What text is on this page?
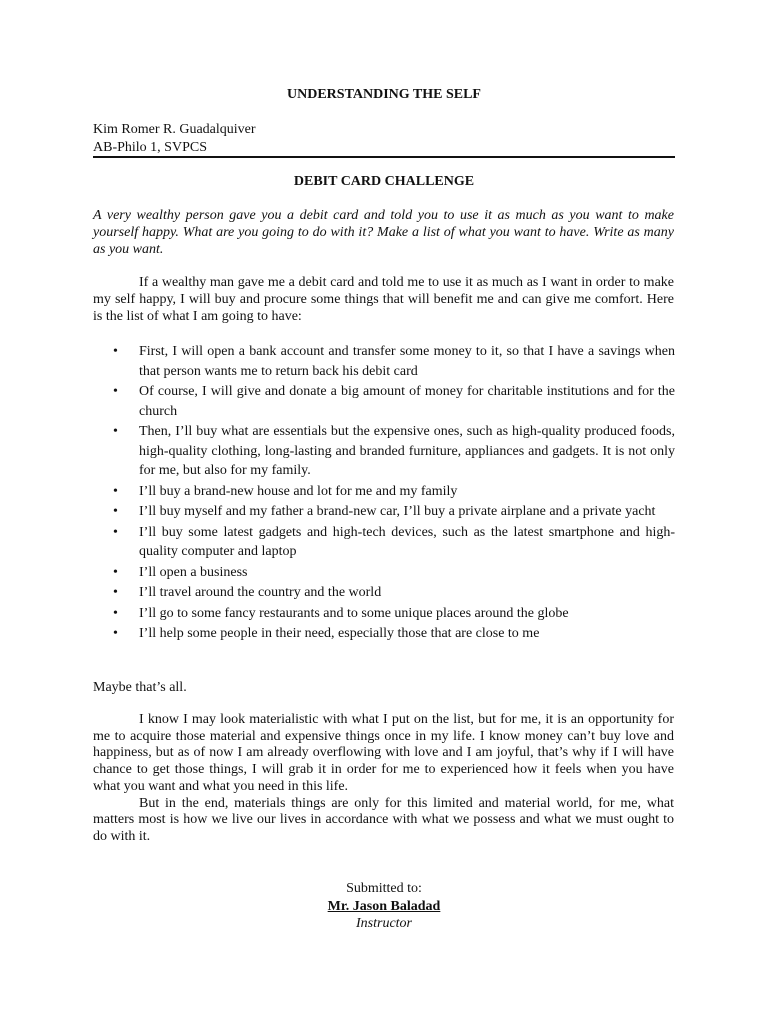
UNDERSTANDING THE SELF
Kim Romer R. Guadalquiver
AB-Philo 1, SVPCS
DEBIT CARD CHALLENGE
A very wealthy person gave you a debit card and told you to use it as much as you want to make yourself happy. What are you going to do with it? Make a list of what you want to have. Write as many as you want.

If a wealthy man gave me a debit card and told me to use it as much as I want in order to make my self happy, I will buy and procure some things that will benefit me and can give me comfort. Here is the list of what I am going to have:

• First, I will open a bank account and transfer some money to it, so that I have a savings when that person wants me to return back his debit card
• Of course, I will give and donate a big amount of money for charitable institutions and for the church
• Then, I’ll buy what are essentials but the expensive ones, such as high-quality produced foods, high-quality clothing, long-lasting and branded furniture, appliances and gadgets. It is not only for me, but also for my family.
• I’ll buy a brand-new house and lot for me and my family
• I’ll buy myself and my father a brand-new car, I’ll buy a private airplane and a private yacht
• I’ll buy some latest gadgets and high-tech devices, such as the latest smartphone and high-quality computer and laptop
• I’ll open a business
• I’ll travel around the country and the world
• I’ll go to some fancy restaurants and to some unique places around the globe
• I’ll help some people in their need, especially those that are close to me
Maybe that’s all.

I know I may look materialistic with what I put on the list, but for me, it is an opportunity for me to acquire those material and expensive things once in my life. I know money can’t buy love and happiness, but as of now I am already overflowing with love and I am joyful, that’s why if I will have chance to get those things, I will grab it in order for me to experienced how it feels when you have what you want and what you need in this life.

But in the end, materials things are only for this limited and material world, for me, what matters most is how we live our lives in accordance with what we possess and what we must ought to do with it.

Submitted to:
Mr. Jason Baladad
Instructor
